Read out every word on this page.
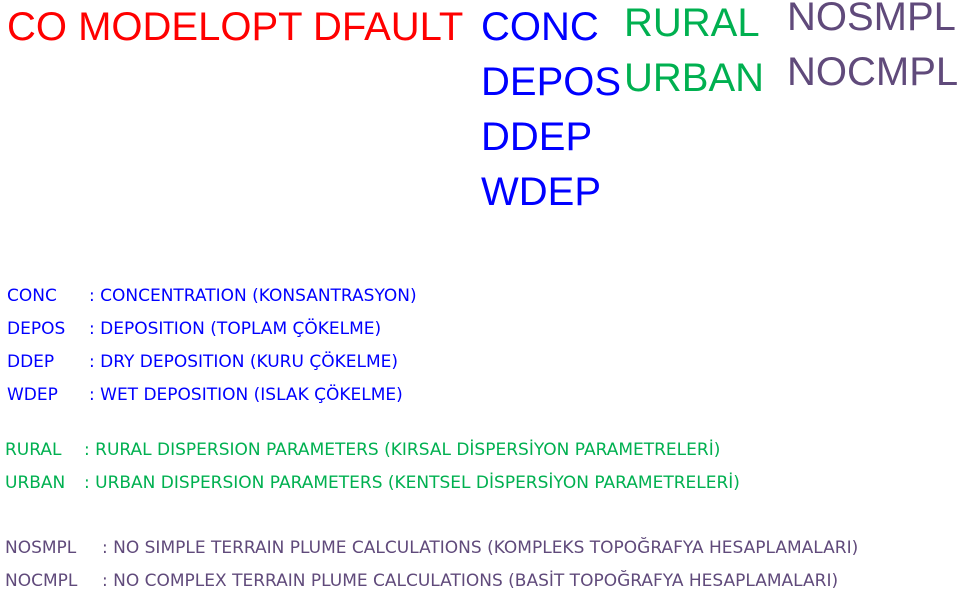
CO MODELOPT DFAULT CONC
DEPOS
DDEP
WDEP
RURAL
URBAN
NOSMPL
NOCMPL
CONC : CONCENTRATION (KONSANTRASYON)
DEPOS : DEPOSITION (TOPLAM ÇÖKELME)
DDEP : DRY DEPOSITION (KURU ÇÖKELME)
WDEP : WET DEPOSITION (ISLAK ÇÖKELME)
RURAL : RURAL DISPERSION PARAMETERS (KIRSAL DİSPERSİYON PARAMETRELERİ)
URBAN : URBAN DISPERSION PARAMETERS (KENTSEL DİSPERSİYON PARAMETRELERİ)
NOSMPL : NO SIMPLE TERRAIN PLUME CALCULATIONS (KOMPLEKS TOPOĞRAFYA HESAPLAMALARI)
NOCMPL : NO COMPLEX TERRAIN PLUME CALCULATIONS (BASİT TOPOĞRAFYA HESAPLAMALARI)
